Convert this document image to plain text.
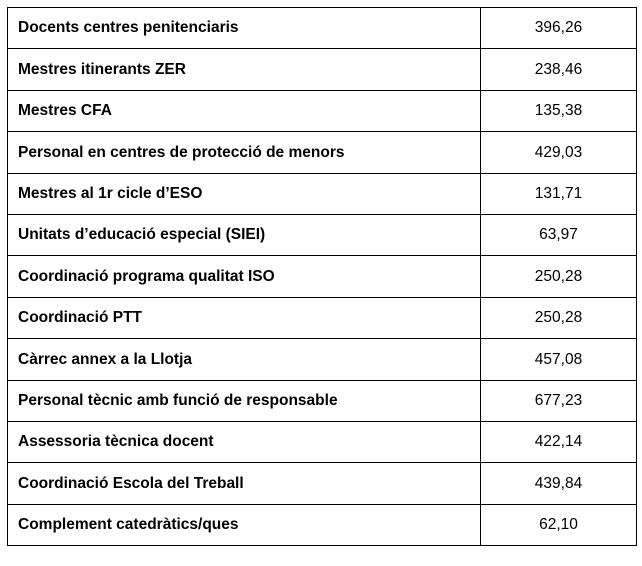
Docents centres penitenciaris	396,26
Mestres itinerants ZER	238,46
Mestres CFA	135,38
Personal en centres de protecció de menors	429,03
Mestres al 1r cicle d’ESO	131,71
Unitats d’educació especial (SIEI)	63,97
Coordinació programa qualitat ISO	250,28
Coordinació PTT	250,28
Càrrec annex a la Llotja	457,08
Personal tècnic amb funció de responsable	677,23
Assessoria tècnica docent	422,14
Coordinació Escola del Treball	439,84
Complement catedràtics/ques	62,10
